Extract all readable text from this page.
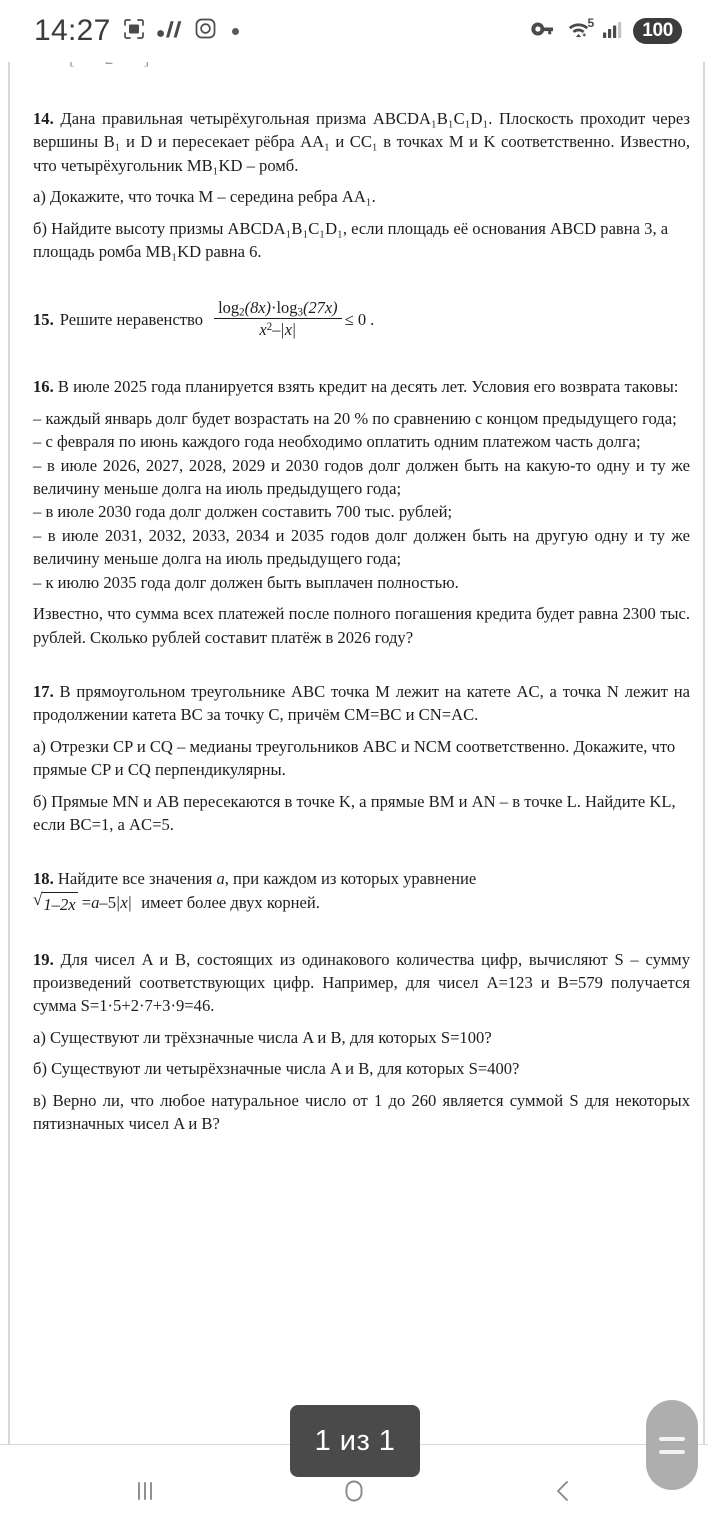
14:27	5	100

14. Дана правильная четырёхугольная призма ABCDA₁B₁C₁D₁. Плоскость проходит через вершины B₁ и D и пересекает рёбра AA₁ и CC₁ в точках M и K соответственно. Известно, что четырёхугольник MB₁KD – ромб.

а) Докажите, что точка M – середина ребра AA₁.

б) Найдите высоту призмы ABCDA₁B₁C₁D₁, если площадь её основания ABCD равна 3, а площадь ромба MB₁KD равна 6.

15. Решите неравенство $\frac{\log_2(8x)\cdot\log_3(27x)}{x^2-|x|} \le 0$ .

16. В июле 2025 года планируется взять кредит на десять лет. Условия его возврата таковы:

– каждый январь долг будет возрастать на 20 % по сравнению с концом предыдущего года;

– с февраля по июнь каждого года необходимо оплатить одним платежом часть долга;

– в июле 2026, 2027, 2028, 2029 и 2030 годов долг должен быть на какую-то одну и ту же величину меньше долга на июль предыдущего года;

– в июле 2030 года долг должен составить 700 тыс. рублей;

– в июле 2031, 2032, 2033, 2034 и 2035 годов долг должен быть на другую одну и ту же величину меньше долга на июль предыдущего года;

– к июлю 2035 года долг должен быть выплачен полностью.

Известно, что сумма всех платежей после полного погашения кредита будет равна 2300 тыс. рублей. Сколько рублей составит платёж в 2026 году?

17. В прямоугольном треугольнике ABC точка M лежит на катете AC, а точка N лежит на продолжении катета BC за точку C, причём CM=BC и CN=AC.

а) Отрезки CP и CQ – медианы треугольников ABC и NCM соответственно. Докажите, что прямые CP и CQ перпендикулярны.

б) Прямые MN и AB пересекаются в точке K, а прямые BM и AN – в точке L. Найдите KL, если BC=1, а AC=5.

18. Найдите все значения a, при каждом из которых уравнение

√ 1–2x =a–5|x| имеет более двух корней.

19. Для чисел A и B, состоящих из одинакового количества цифр, вычисляют S – сумму произведений соответствующих цифр. Например, для чисел A=123 и B=579 получается сумма S=1·5+2·7+3·9=46.

а) Существуют ли трёхзначные числа A и B, для которых S=100?

б) Существуют ли четырёхзначные числа A и B, для которых S=400?

в) Верно ли, что любое натуральное число от 1 до 260 является суммой S для некоторых пятизначных чисел A и B?

1 из 1
